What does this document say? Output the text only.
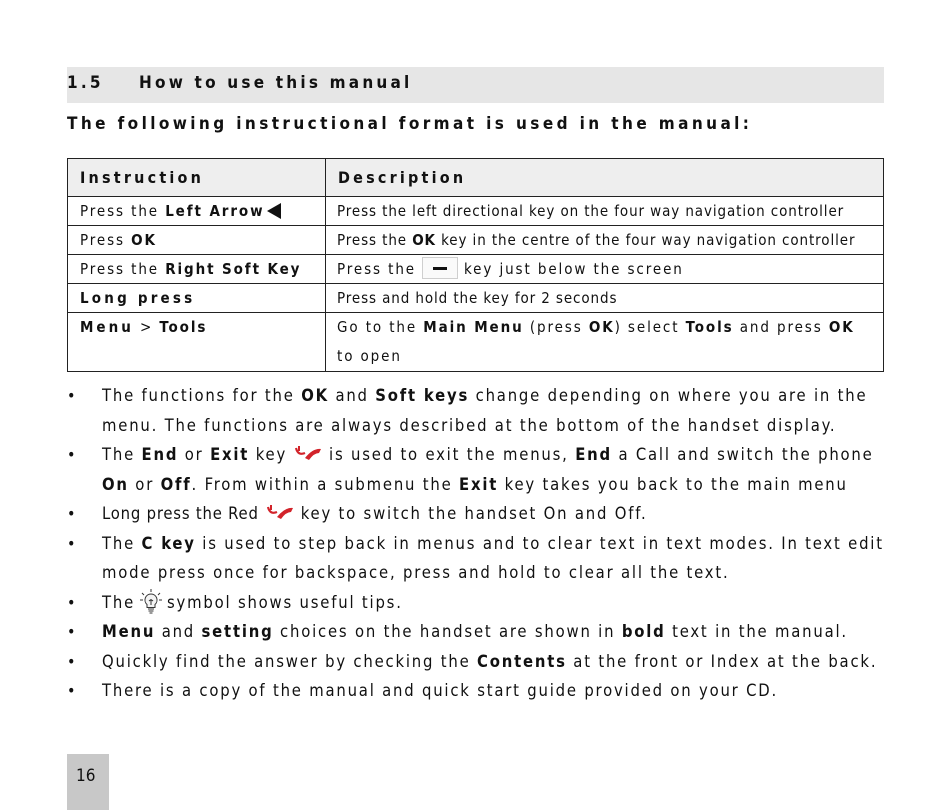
1.5 How to use this manual
The following instructional format is used in the manual:
Instruction	Description
Press the Left Arrow	Press the left directional key on the four way navigation controller
Press OK	Press the OK key in the centre of the four way navigation controller
Press the Right Soft Key	Press the key just below the screen
Long press	Press and hold the key for 2 seconds
Menu > Tools	Go to the Main Menu (press OK) select Tools and press OK
to open
• The functions for the OK and Soft keys change depending on where you are in the
menu. The functions are always described at the bottom of the handset display.
• The End or Exit key	is used to exit the menus, End a Call and switch the phone
On or Off. From within a submenu the Exit key takes you back to the main menu
• Long press the Red	key to switch the handset On and Off.
• The C key is used to step back in menus and to clear text in text modes. In text edit
mode press once for backspace, press and hold to clear all the text.
• The symbol shows useful tips.
• Menu and setting choices on the handset are shown in bold text in the manual.
• Quickly find the answer by checking the Contents at the front or Index at the back.
• There is a copy of the manual and quick start guide provided on your CD.
16
